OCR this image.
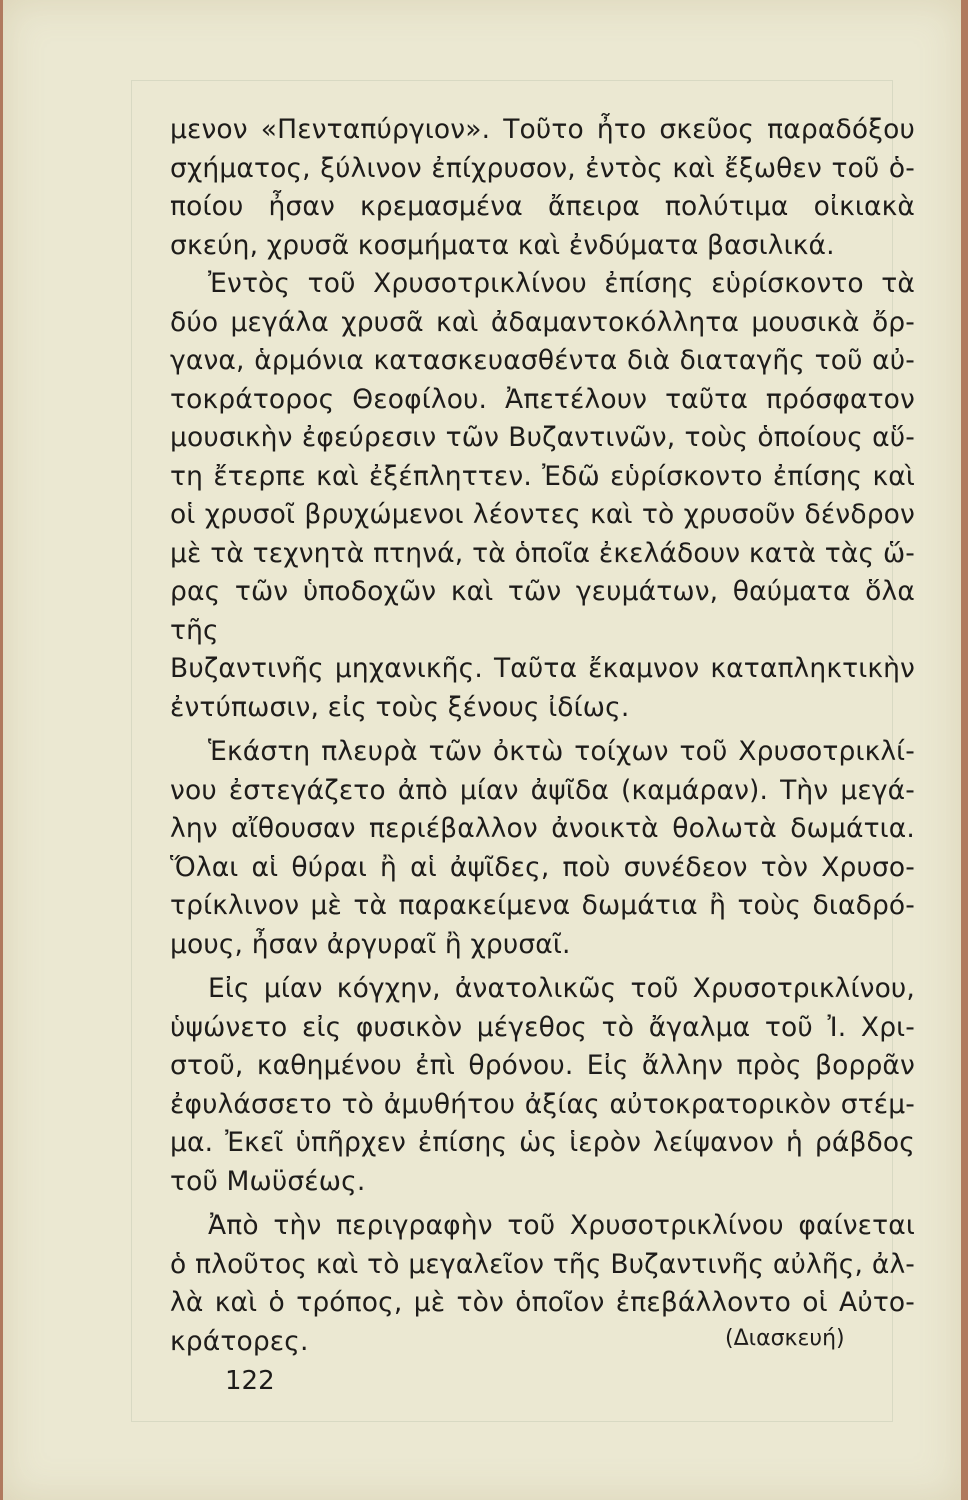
μενον «Πενταπύργιον». Τοῦτο ἦτο σκεῦος παραδόξου

σχήματος, ξύλινον ἐπίχρυσον, ἐντὸς καὶ ἔξωθεν τοῦ ὁ-

ποίου ἦσαν κρεμασμένα ἄπειρα πολύτιμα οἰκιακὰ

σκεύη, χρυσᾶ κοσμήματα καὶ ἐνδύματα βασιλικά.

Ἐντὸς τοῦ Χρυσοτρικλίνου ἐπίσης εὑρίσκοντο τὰ

δύο μεγάλα χρυσᾶ καὶ ἀδαμαντοκόλλητα μουσικὰ ὄρ-

γανα, ἁρμόνια κατασκευασθέντα διὰ διαταγῆς τοῦ αὐ-

τοκράτορος Θεοφίλου. Ἀπετέλουν ταῦτα πρόσφατον

μουσικὴν ἐφεύρεσιν τῶν Βυζαντινῶν, τοὺς ὁποίους αὕ-

τη ἔτερπε καὶ ἐξέπληττεν. Ἐδῶ εὑρίσκοντο ἐπίσης καὶ

οἱ χρυσοῖ βρυχώμενοι λέοντες καὶ τὸ χρυσοῦν δένδρον

μὲ τὰ τεχνητὰ πτηνά, τὰ ὁποῖα ἐκελάδουν κατὰ τὰς ὥ-

ρας τῶν ὑποδοχῶν καὶ τῶν γευμάτων, θαύματα ὅλα τῆς

Βυζαντινῆς μηχανικῆς. Ταῦτα ἔκαμνον καταπληκτικὴν

ἐντύπωσιν, εἰς τοὺς ξένους ἰδίως.

Ἑκάστη πλευρὰ τῶν ὀκτὼ τοίχων τοῦ Χρυσοτρικλί-

νου ἐστεγάζετο ἀπὸ μίαν ἀψῖδα (καμάραν). Τὴν μεγά-

λην αἴθουσαν περιέβαλλον ἀνοικτὰ θολωτὰ δωμάτια.

Ὅλαι αἱ θύραι ἢ αἱ ἀψῖδες, ποὺ συνέδεον τὸν Χρυσο-

τρίκλινον μὲ τὰ παρακείμενα δωμάτια ἢ τοὺς διαδρό-

μους, ἦσαν ἀργυραῖ ἢ χρυσαῖ.

Εἰς μίαν κόγχην, ἀνατολικῶς τοῦ Χρυσοτρικλίνου,

ὑψώνετο εἰς φυσικὸν μέγεθος τὸ ἄγαλμα τοῦ Ἰ. Χρι-

στοῦ, καθημένου ἐπὶ θρόνου. Εἰς ἄλλην πρὸς βορρᾶν

ἐφυλάσσετο τὸ ἀμυθήτου ἀξίας αὐτοκρατορικὸν στέμ-

μα. Ἐκεῖ ὑπῆρχεν ἐπίσης ὡς ἱερὸν λείψανον ἡ ράβδος

τοῦ Μωϋσέως.

Ἀπὸ τὴν περιγραφὴν τοῦ Χρυσοτρικλίνου φαίνεται

ὁ πλοῦτος καὶ τὸ μεγαλεῖον τῆς Βυζαντινῆς αὐλῆς, ἀλ-

λὰ καὶ ὁ τρόπος, μὲ τὸν ὁποῖον ἐπεβάλλοντο οἱ Αὐτο-

κράτορες.	(Διασκευή)
122
